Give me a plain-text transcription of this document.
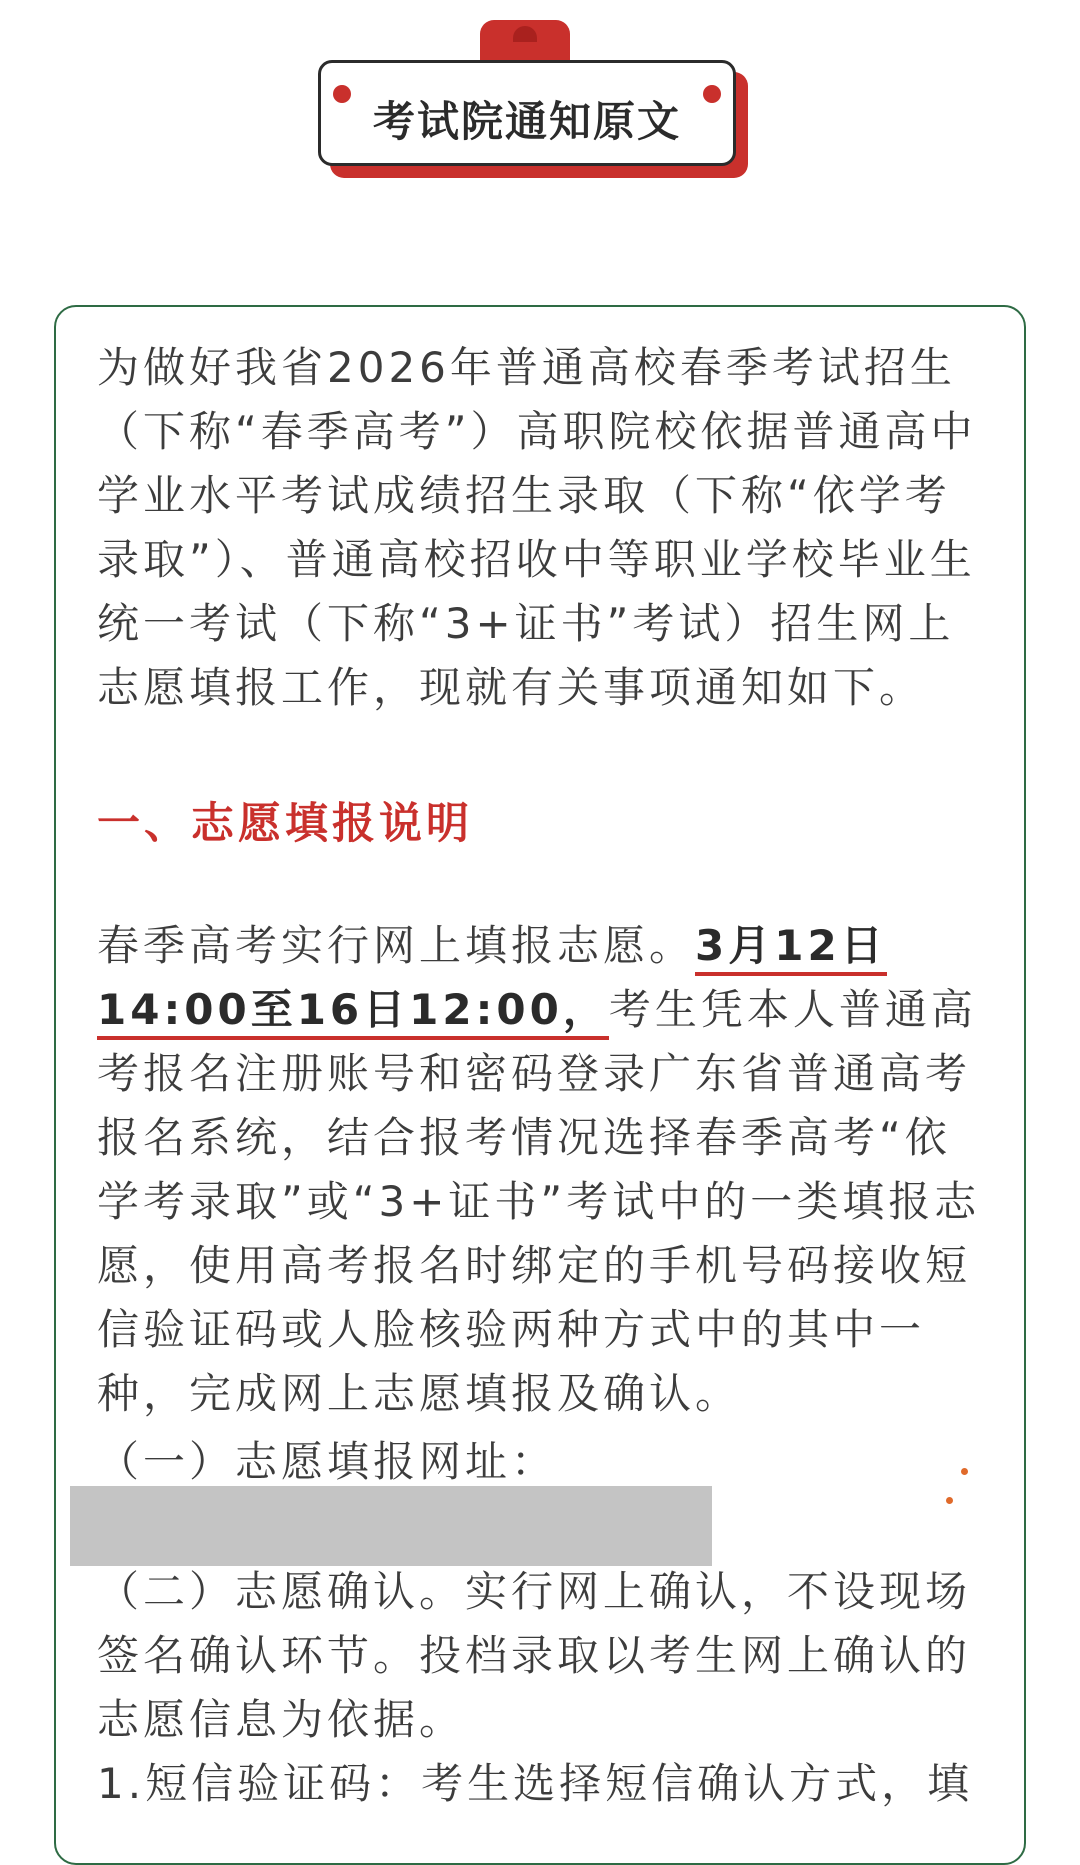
考试院通知原文

为做好我省2026年普通高校春季考试招生（下称“春季高考”）高职院校依据普通高中学业水平考试成绩招生录取（下称“依学考录取”）、普通高校招收中等职业学校毕业生统一考试（下称“3+证书”考试）招生网上志愿填报工作，现就有关事项通知如下。

一、志愿填报说明

春季高考实行网上填报志愿。3月12日14:00至16日12:00，考生凭本人普通高考报名注册账号和密码登录广东省普通高考报名系统，结合报考情况选择春季高考“依学考录取”或“3+证书”考试中的一类填报志愿，使用高考报名时绑定的手机号码接收短信验证码或人脸核验两种方式中的其中一种，完成网上志愿填报及确认。

（一）志愿填报网址：

（二）志愿确认。实行网上确认，不设现场签名确认环节。投档录取以考生网上确认的志愿信息为依据。

1.短信验证码：考生选择短信确认方式，填
